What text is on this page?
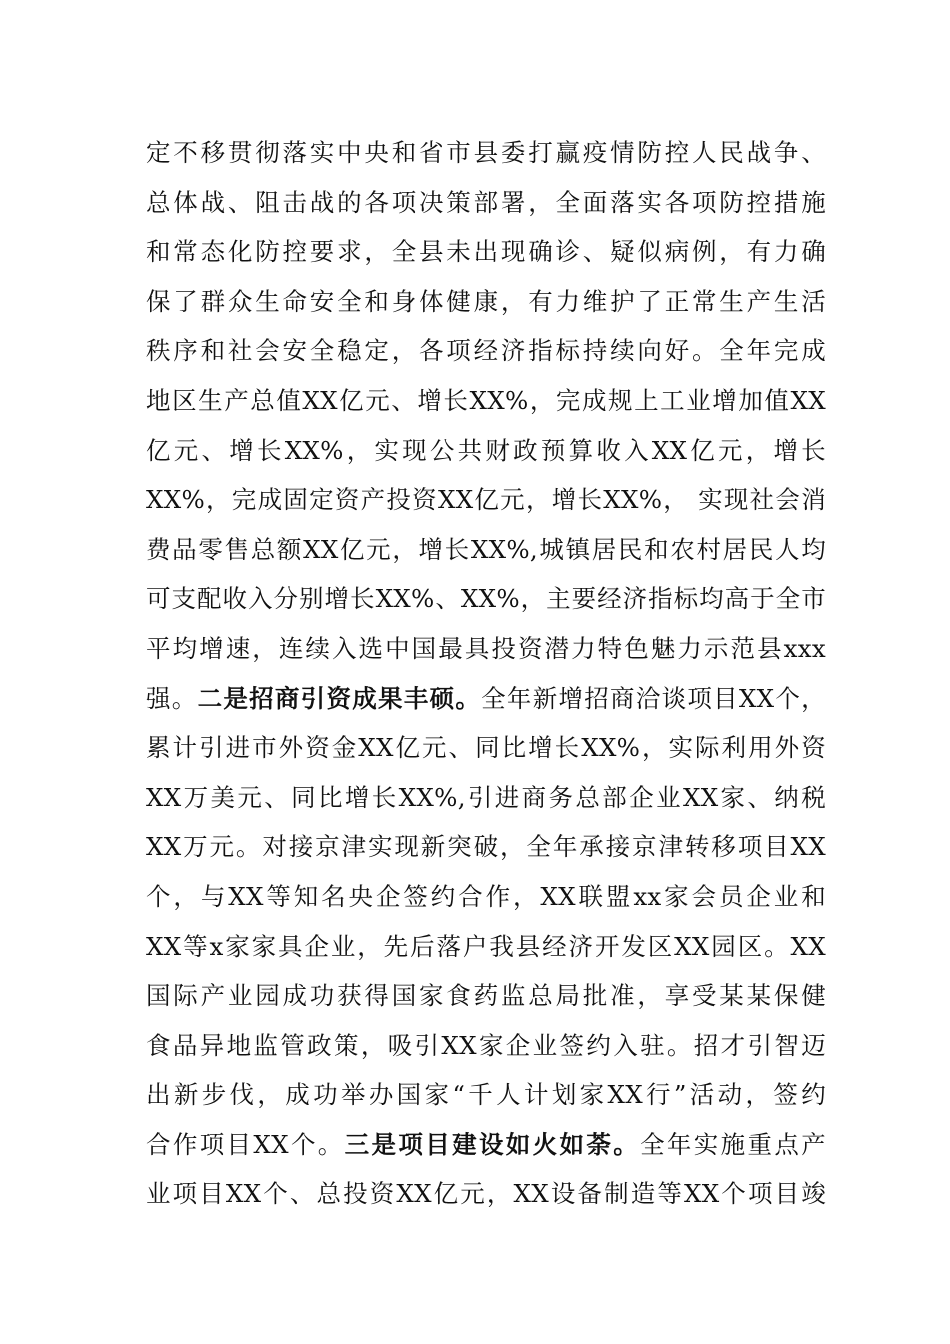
定不移贯彻落实中央和省市县委打赢疫情防控人民战争、
总体战、阻击战的各项决策部署，全面落实各项防控措施
和常态化防控要求，全县未出现确诊、疑似病例，有力确
保了群众生命安全和身体健康，有力维护了正常生产生活
秩序和社会安全稳定，各项经济指标持续向好。全年完成
地区生产总值XX亿元、增长XX%，完成规上工业增加值XX
亿元、增长XX%，实现公共财政预算收入XX亿元，增长
XX%，完成固定资产投资XX亿元，增长XX%， 实现社会消
费品零售总额XX亿元，增长XX%,城镇居民和农村居民人均
可支配收入分别增长XX%、XX%，主要经济指标均高于全市
平均增速，连续入选中国最具投资潜力特色魅力示范县xxx
强。二是招商引资成果丰硕。全年新增招商洽谈项目XX个，
累计引进市外资金XX亿元、同比增长XX%，实际利用外资
XX万美元、同比增长XX%,引进商务总部企业XX家、纳税
XX万元。对接京津实现新突破，全年承接京津转移项目XX
个，与XX等知名央企签约合作，XX联盟xx家会员企业和
XX等x家家具企业，先后落户我县经济开发区XX园区。XX
国际产业园成功获得国家食药监总局批准，享受某某保健
食品异地监管政策，吸引XX家企业签约入驻。招才引智迈
出新步伐，成功举办国家“千人计划家XX行”活动，签约
合作项目XX个。三是项目建设如火如荼。全年实施重点产
业项目XX个、总投资XX亿元，XX设备制造等XX个项目竣
